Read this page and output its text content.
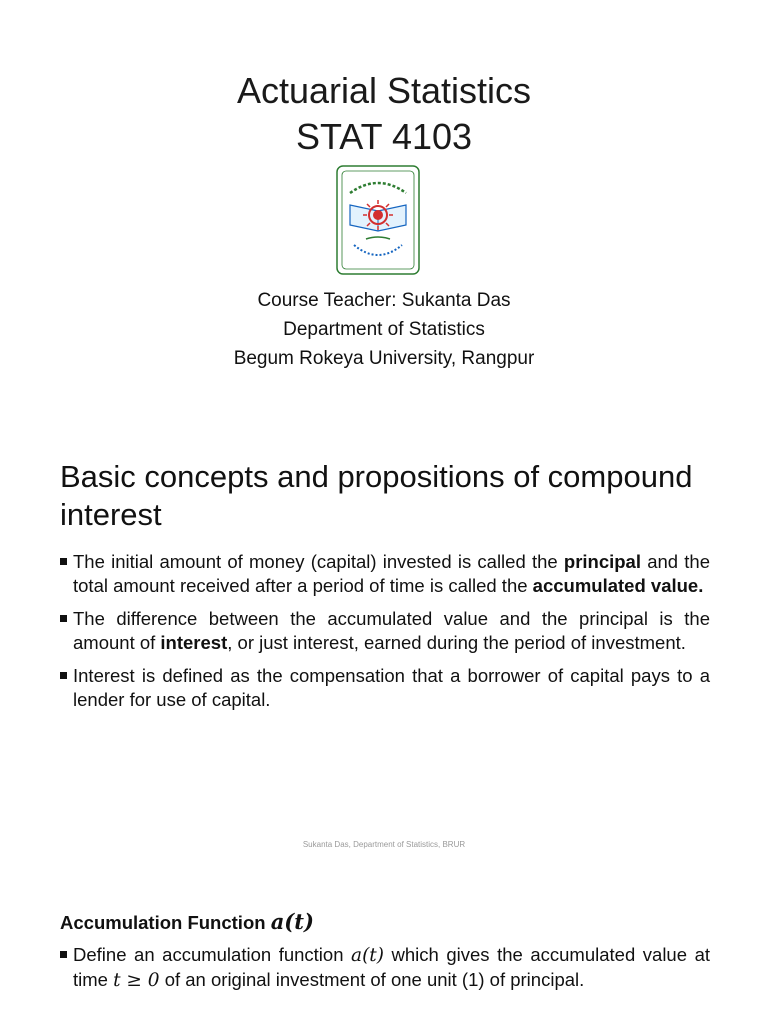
Actuarial Statistics
STAT 4103
Course Teacher: Sukanta Das
Department of Statistics
Begum Rokeya University, Rangpur
Basic concepts and propositions of compound
interest
The initial amount of money (capital) invested is called the principal and the total amount received after a period of time is called the accumulated value.
The difference between the accumulated value and the principal is the amount of interest, or just interest, earned during the period of investment.
Interest is defined as the compensation that a borrower of capital pays to a lender for use of capital.
Sukanta Das, Department of Statistics, BRUR
Accumulation Function a(t)
Define an accumulation function a(t) which gives the accumulated value at time t ≥ 0 of an original investment of one unit (1) of principal.
